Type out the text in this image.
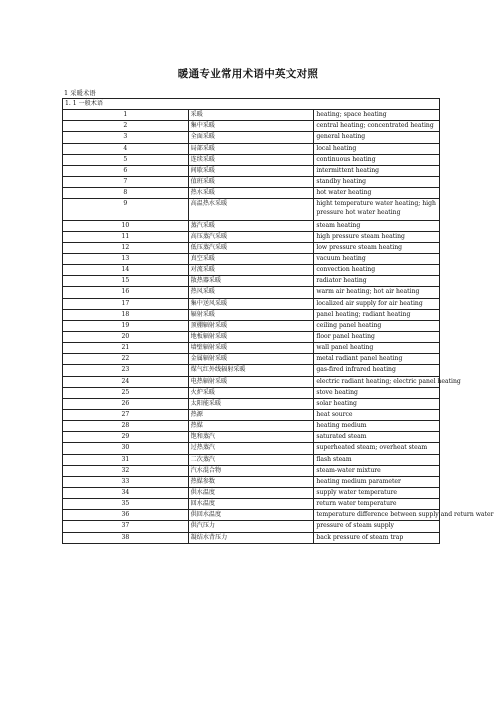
暖通专业常用术语中英文对照
1 采暖术语
1. 1 一般术语		
1	采暖	heating; space heating
2	集中采暖	central heating; concentrated heating
3	全面采暖	general heating
4	局部采暖	local heating
5	连续采暖	continuous heating
6	间歇采暖	intermittent heating
7	值班采暖	standby heating
8	热水采暖	hot water heating
9	高温热水采暖	hight temperature water heating; high pressure hot water heating
10	蒸汽采暖	steam heating
11	高压蒸汽采暖	high pressure steam heating
12	低压蒸汽采暖	low pressure steam heating
13	真空采暖	vacuum heating
14	对流采暖	convection heating
15	散热器采暖	radiator heating
16	热风采暖	warm air heating; hot air heating
17	集中送风采暖	localized air supply for air heating
18	辐射采暖	panel heating; radiant heating
19	顶棚辐射采暖	ceiling panel heating
20	地板辐射采暖	floor panel heating
21	墙壁辐射采暖	wall panel heating
22	金属辐射采暖	metal radiant panel heating
23	煤气红外线辐射采暖	gas-fired infrared heating
24	电热辐射采暖	electric radiant heating; electric panel heating
25	火炉采暖	stove heating
26	太阳能采暖	solar heating
27	热源	heat source
28	热媒	heating medium
29	饱和蒸汽	saturated steam
30	过热蒸汽	superheated steam; overheat steam
31	二次蒸汽	flash steam
32	汽水混合物	steam-water mixture
33	热媒参数	heating medium parameter
34	供水温度	supply water temperature
35	回水温度	return water temperature
36	供回水温度	temperature difference between supply and return water
37	供汽压力	pressure of steam supply
38	凝结水背压力	back pressure of steam trap
